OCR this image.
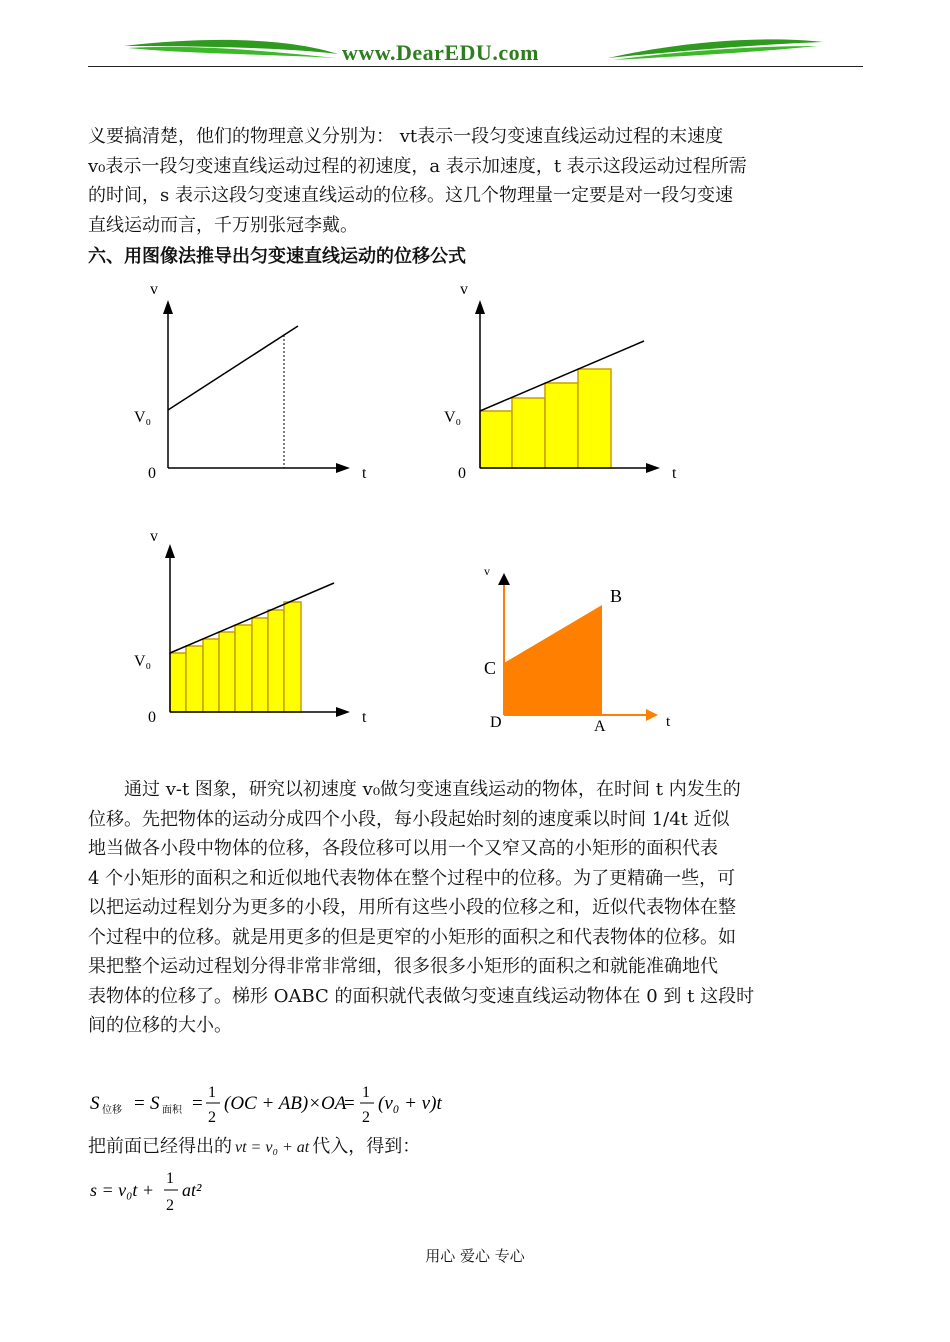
www.DearEDU.com
义要搞清楚，他们的物理意义分别为： vt表示一段匀变速直线运动过程的末速度
v₀表示一段匀变速直线运动过程的初速度，a 表示加速度，t 表示这段运动过程所需
的时间，s 表示这段匀变速直线运动的位移。这几个物理量一定要是对一段匀变速
直线运动而言，千万别张冠李戴。
六、用图像法推导出匀变速直线运动的位移公式
v
V₀
0	t
v
V₀
0	t
v
V₀
0	t
v
t
C
B
D	A
通过 v-t 图象，研究以初速度 v₀做匀变速直线运动的物体，在时间 t 内发生的
位移。先把物体的运动分成四个小段，每小段起始时刻的速度乘以时间 1/4t 近似
地当做各小段中物体的位移，各段位移可以用一个又窄又高的小矩形的面积代表
4 个小矩形的面积之和近似地代表物体在整个过程中的位移。为了更精确一些，可
以把运动过程划分为更多的小段，用所有这些小段的位移之和，近似代表物体在整
个过程中的位移。就是用更多的但是更窄的小矩形的面积之和代表物体的位移。如
果把整个运动过程划分得非常非常细，很多很多小矩形的面积之和就能准确地代
表物体的位移了。梯形 OABC 的面积就代表做匀变速直线运动物体在 0 到 t 这段时
间的位移的大小。
S 位移 = S 面积 =
1
2
(OC + AB)×OA
=
1
2
(v₀ + v)t
把前面已经得出的 vt = v₀ + at 代入，得到：
s = v₀t +
1
2
at²
用心 爱心 专心
